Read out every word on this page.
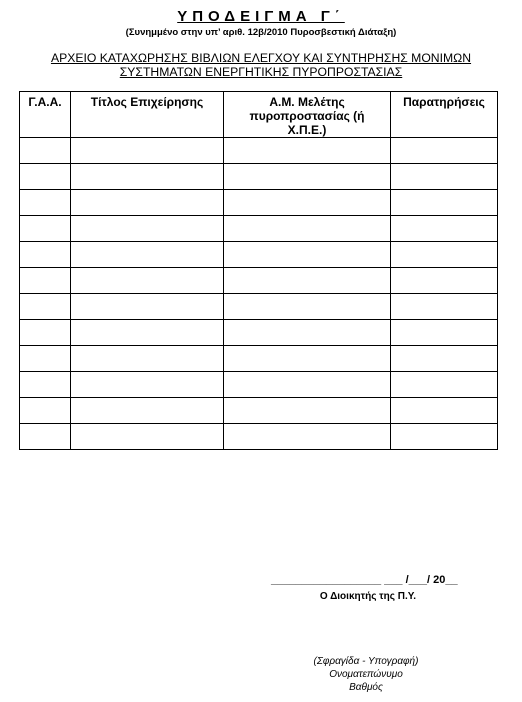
ΥΠΟΔΕΙΓΜΑ Γ΄
(Συνημμένο στην υπ’ αριθ. 12β/2010 Πυροσβεστική Διάταξη)
ΑΡΧΕΙΟ ΚΑΤΑΧΩΡΗΣΗΣ ΒΙΒΛΙΩΝ ΕΛΕΓΧΟΥ ΚΑΙ ΣΥΝΤΗΡΗΣΗΣ ΜΟΝΙΜΩΝ
ΣΥΣΤΗΜΑΤΩΝ ΕΝΕΡΓΗΤΙΚΗΣ ΠΥΡΟΠΡΟΣΤΑΣΙΑΣ
Γ.Α.Α.	Τίτλος Επιχείρησης	Α.Μ. Μελέτης πυροπροστασίας (ή Χ.Π.Ε.)	Παρατηρήσεις

__________________ ___ /___/ 20__
Ο Διοικητής της Π.Υ.
(Σφραγίδα - Υπογραφή)
Ονοματεπώνυμο
Βαθμός
